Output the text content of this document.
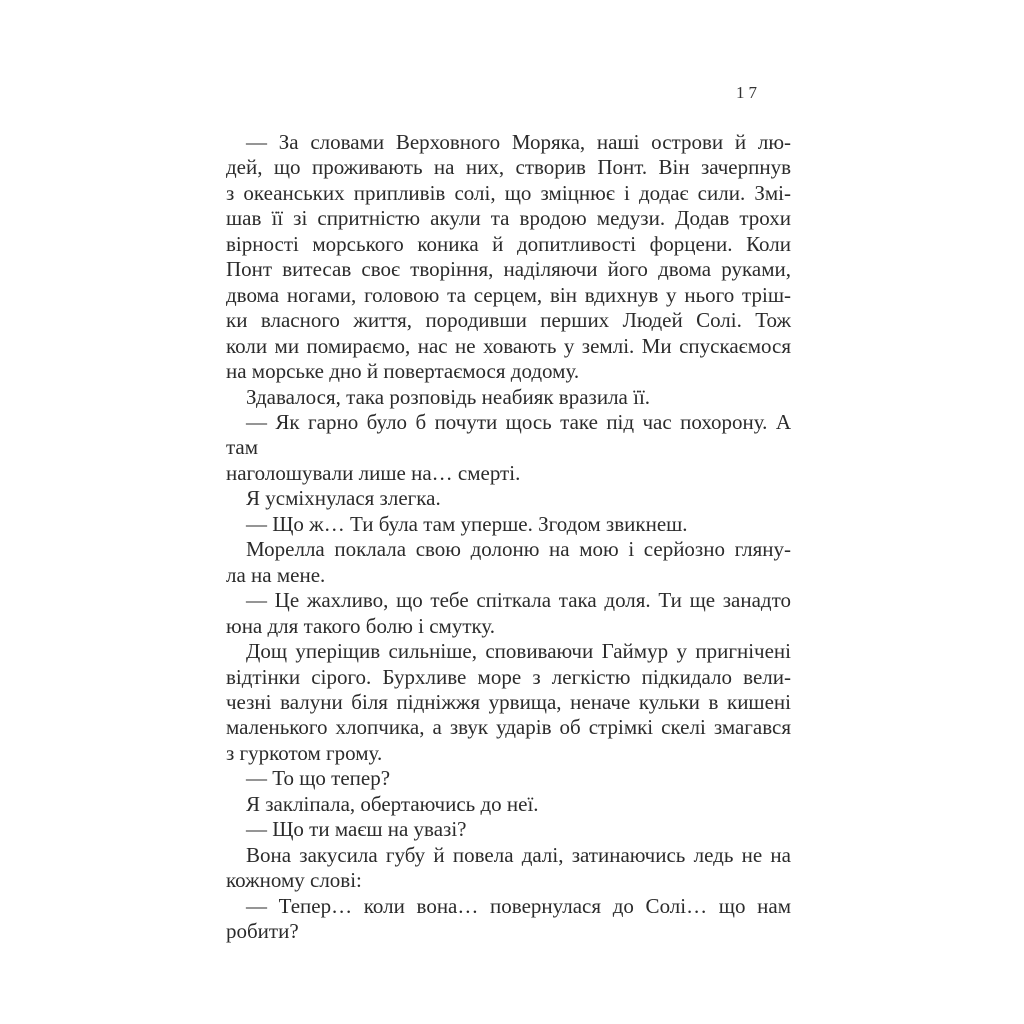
17
— За словами Верховного Моряка, наші острови й лю-
дей, що проживають на них, створив Понт. Він зачерпнув
з океанських припливів солі, що зміцнює і додає сили. Змі-
шав її зі спритністю акули та вродою медузи. Додав трохи
вірності морського коника й допитливості форцени. Коли
Понт витесав своє творіння, наділяючи його двома руками,
двома ногами, головою та серцем, він вдихнув у нього тріш-
ки власного життя, породивши перших Людей Солі. Тож
коли ми помираємо, нас не ховають у землі. Ми спускаємося
на морське дно й повертаємося додому.
Здавалося, така розповідь неабияк вразила її.
— Як гарно було б почути щось таке під час похорону. А там
наголошували лише на… смерті.
Я усміхнулася злегка.
— Що ж… Ти була там уперше. Згодом звикнеш.
Морелла поклала свою долоню на мою і серйозно гляну-
ла на мене.
— Це жахливо, що тебе спіткала така доля. Ти ще занадто
юна для такого болю і смутку.
Дощ уперіщив сильніше, сповиваючи Гаймур у пригнічені
відтінки сірого. Бурхливе море з легкістю підкидало вели-
чезні валуни біля підніжжя урвища, неначе кульки в кишені
маленького хлопчика, а звук ударів об стрімкі скелі змагався
з гуркотом грому.
— То що тепер?
Я закліпала, обертаючись до неї.
— Що ти маєш на увазі?
Вона закусила губу й повела далі, затинаючись ледь не на
кожному слові:
— Тепер… коли вона… повернулася до Солі… що нам
робити?
